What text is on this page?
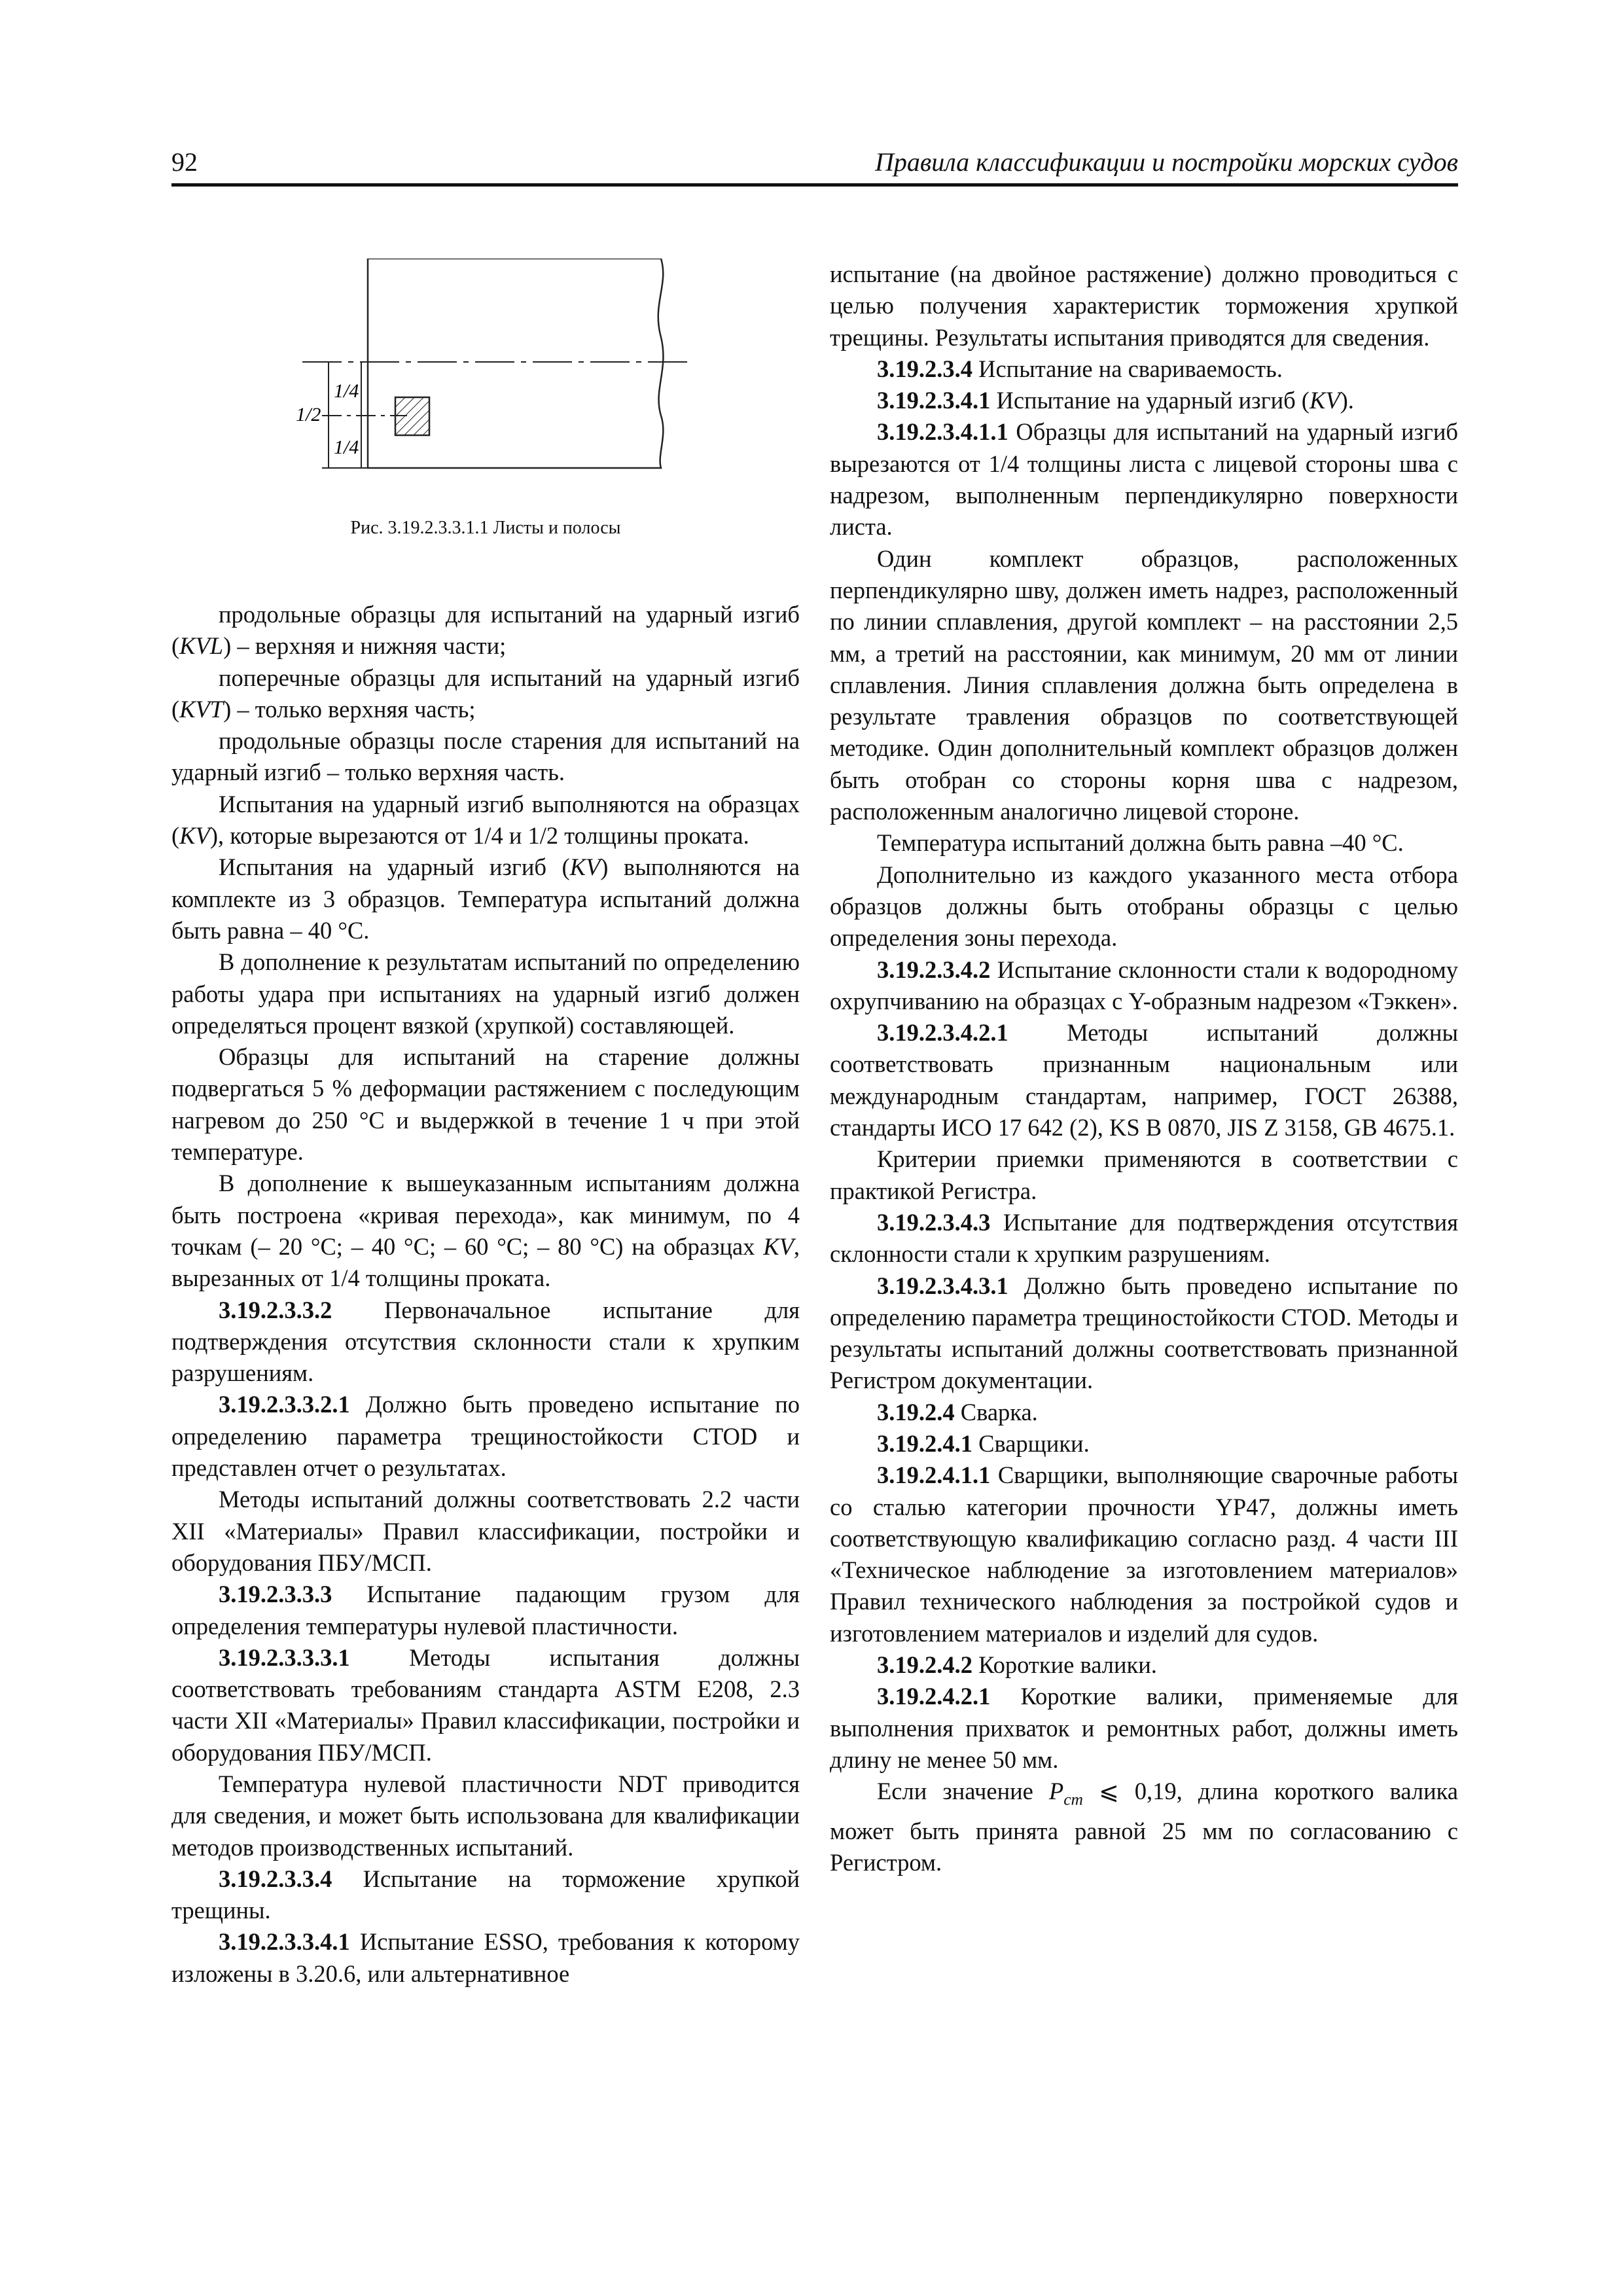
92	Правила классификации и постройки морских судов
1/2
1/4
1/4
Рис. 3.19.2.3.3.1.1 Листы и полосы

продольные образцы для испытаний на ударный изгиб (KVL) – верхняя и нижняя части;

поперечные образцы для испытаний на ударный изгиб (KVT) – только верхняя часть;

продольные образцы после старения для испытаний на ударный изгиб – только верхняя часть.

Испытания на ударный изгиб выполняются на образцах (KV), которые вырезаются от 1/4 и 1/2 толщины проката.

Испытания на ударный изгиб (KV) выполняются на комплекте из 3 образцов. Температура испытаний должна быть равна – 40 °С.

В дополнение к результатам испытаний по определению работы удара при испытаниях на ударный изгиб должен определяться процент вязкой (хрупкой) составляющей.

Образцы для испытаний на старение должны подвергаться 5 % деформации растяжением с последующим нагревом до 250 °С и выдержкой в течение 1 ч при этой температуре.

В дополнение к вышеуказанным испытаниям должна быть построена «кривая перехода», как минимум, по 4 точкам (– 20 °С; – 40 °С; – 60 °С; – 80 °С) на образцах KV, вырезанных от 1/4 толщины проката.

3.19.2.3.3.2 Первоначальное испытание для подтверждения отсутствия склонности стали к хрупким разрушениям.

3.19.2.3.3.2.1 Должно быть проведено испытание по определению параметра трещиностойкости CTOD и представлен отчет о результатах.

Методы испытаний должны соответствовать 2.2 части XII «Материалы» Правил классификации, постройки и оборудования ПБУ/МСП.

3.19.2.3.3.3 Испытание падающим грузом для определения температуры нулевой пластичности.

3.19.2.3.3.3.1 Методы испытания должны соответствовать требованиям стандарта ASTM E208, 2.3 части XII «Материалы» Правил классификации, постройки и оборудования ПБУ/МСП.

Температура нулевой пластичности NDT приводится для сведения, и может быть использована для квалификации методов производственных испытаний.

3.19.2.3.3.4 Испытание на торможение хрупкой трещины.

3.19.2.3.3.4.1 Испытание ESSO, требования к которому изложены в 3.20.6, или альтернативное

испытание (на двойное растяжение) должно проводиться с целью получения характеристик торможения хрупкой трещины. Результаты испытания приводятся для сведения.

3.19.2.3.4 Испытание на свариваемость.

3.19.2.3.4.1 Испытание на ударный изгиб (KV).

3.19.2.3.4.1.1 Образцы для испытаний на ударный изгиб вырезаются от 1/4 толщины листа с лицевой стороны шва с надрезом, выполненным перпендикулярно поверхности листа.

Один комплект образцов, расположенных перпендикулярно шву, должен иметь надрез, расположенный по линии сплавления, другой комплект – на расстоянии 2,5 мм, а третий на расстоянии, как минимум, 20 мм от линии сплавления. Линия сплавления должна быть определена в результате травления образцов по соответствующей методике. Один дополнительный комплект образцов должен быть отобран со стороны корня шва с надрезом, расположенным аналогично лицевой стороне.

Температура испытаний должна быть равна –40 °С.

Дополнительно из каждого указанного места отбора образцов должны быть отобраны образцы с целью определения зоны перехода.

3.19.2.3.4.2 Испытание склонности стали к водородному охрупчиванию на образцах с Y-образным надрезом «Тэккен».

3.19.2.3.4.2.1 Методы испытаний должны соответствовать признанным национальным или международным стандартам, например, ГОСТ 26388, стандарты ИСО 17 642 (2), KS B 0870, JIS Z 3158, GB 4675.1.

Критерии приемки применяются в соответствии с практикой Регистра.

3.19.2.3.4.3 Испытание для подтверждения отсутствия склонности стали к хрупким разрушениям.

3.19.2.3.4.3.1 Должно быть проведено испытание по определению параметра трещиностойкости CTOD. Методы и результаты испытаний должны соответствовать признанной Регистром документации.

3.19.2.4 Сварка.

3.19.2.4.1 Сварщики.

3.19.2.4.1.1 Сварщики, выполняющие сварочные работы со сталью категории прочности YP47, должны иметь соответствующую квалификацию согласно разд. 4 части III «Техническое наблюдение за изготовлением материалов» Правил технического наблюдения за постройкой судов и изготовлением материалов и изделий для судов.

3.19.2.4.2 Короткие валики.

3.19.2.4.2.1 Короткие валики, применяемые для выполнения прихваток и ремонтных работ, должны иметь длину не менее 50 мм.

Если значение $P_{cm}$ ⩽ 0,19, длина короткого валика может быть принята равной 25 мм по согласованию с Регистром.
